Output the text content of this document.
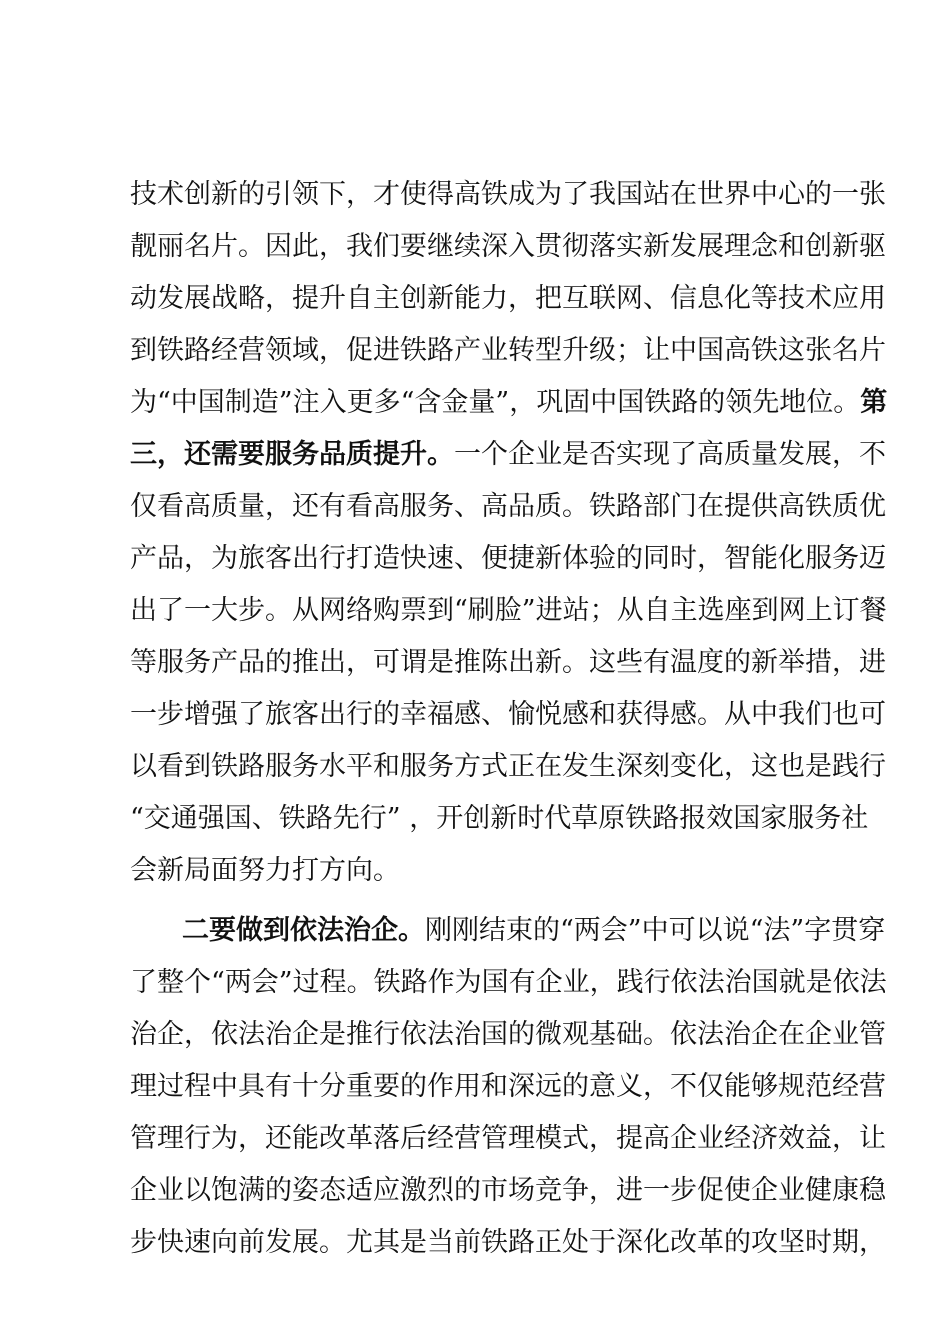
技术创新的引领下，才使得高铁成为了我国站在世界中心的一张
靓丽名片。因此，我们要继续深入贯彻落实新发展理念和创新驱
动发展战略，提升自主创新能力，把互联网、信息化等技术应用
到铁路经营领域，促进铁路产业转型升级；让中国高铁这张名片
为“中国制造”注入更多“含金量”，巩固中国铁路的领先地位。第
三，还需要服务品质提升。一个企业是否实现了高质量发展，不
仅看高质量，还有看高服务、高品质。铁路部门在提供高铁质优
产品，为旅客出行打造快速、便捷新体验的同时，智能化服务迈
出了一大步。从网络购票到“刷脸”进站；从自主选座到网上订餐
等服务产品的推出，可谓是推陈出新。这些有温度的新举措，进
一步增强了旅客出行的幸福感、愉悦感和获得感。从中我们也可
以看到铁路服务水平和服务方式正在发生深刻变化，这也是践行
“交通强国、铁路先行” ，开创新时代草原铁路报效国家服务社
会新局面努力打方向。
二要做到依法治企。刚刚结束的“两会”中可以说“法”字贯穿
了整个“两会”过程。铁路作为国有企业，践行依法治国就是依法
治企，依法治企是推行依法治国的微观基础。依法治企在企业管
理过程中具有十分重要的作用和深远的意义，不仅能够规范经营
管理行为，还能改革落后经营管理模式，提高企业经济效益，让
企业以饱满的姿态适应激烈的市场竞争，进一步促使企业健康稳
步快速向前发展。尤其是当前铁路正处于深化改革的攻坚时期，
